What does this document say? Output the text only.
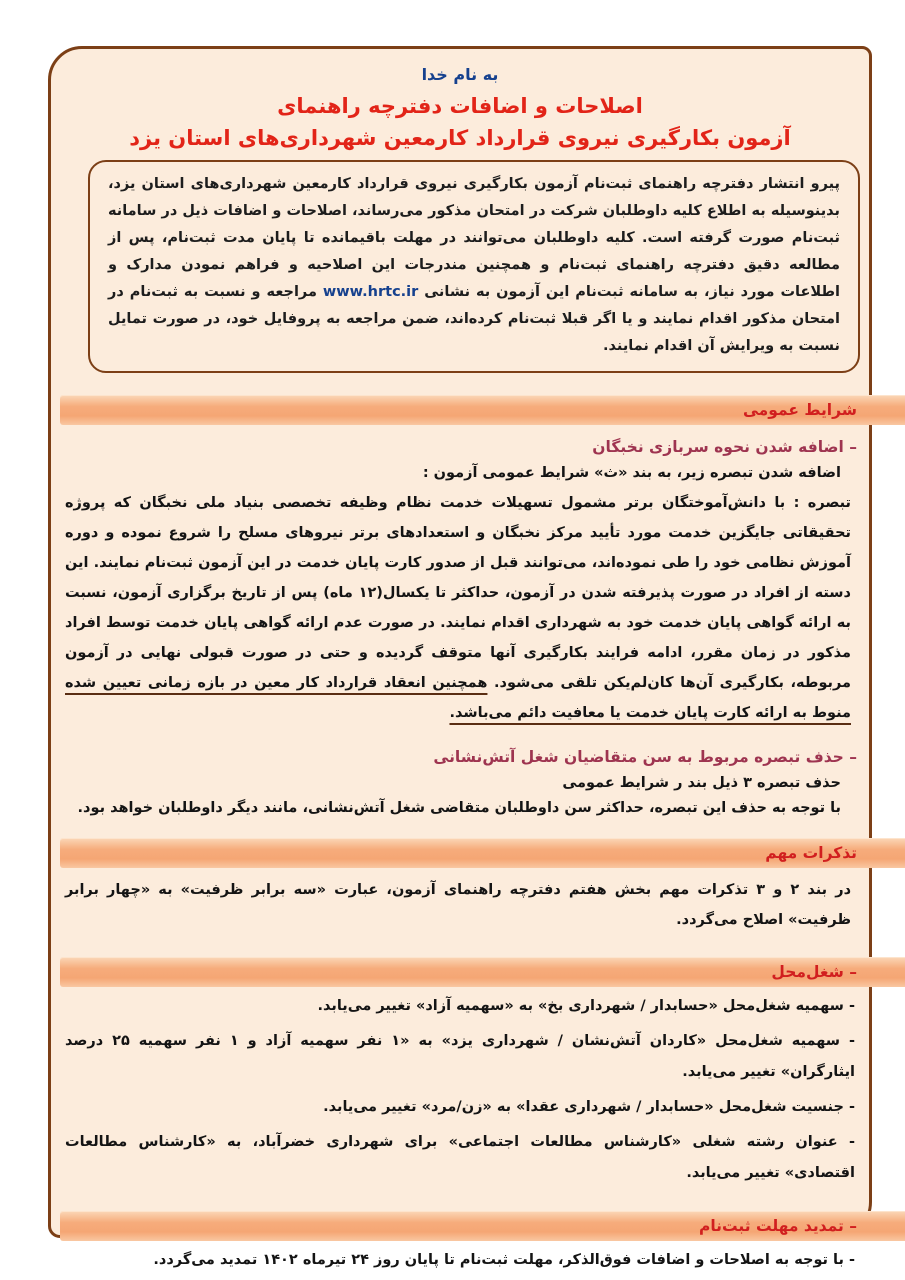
به نام خدا
اصلاحات و اضافات دفترچه راهنمای
آزمون بکارگیری نیروی قرارداد کارمعین شهرداری‌های استان یزد
پیرو انتشار دفترچه راهنمای ثبت‌نام آزمون بکارگیری نیروی قرارداد کارمعین شهرداری‌های استان یزد، بدینوسیله به اطلاع کلیه داوطلبان شرکت در امتحان مذکور می‌رساند، اصلاحات و اضافات ذیل در سامانه ثبت‌نام صورت گرفته است. کلیه داوطلبان می‌توانند در مهلت باقیمانده تا پایان مدت ثبت‌نام، پس از مطالعه دقیق دفترچه راهنمای ثبت‌نام و همچنین مندرجات این اصلاحیه و فراهم نمودن مدارک و اطلاعات مورد نیاز، به سامانه ثبت‌نام این آزمون به نشانی www.hrtc.ir مراجعه و نسبت به ثبت‌نام در امتحان مذکور اقدام نمایند و یا اگر قبلا ثبت‌نام کرده‌اند، ضمن مراجعه به پروفایل خود، در صورت تمایل نسبت به ویرایش آن اقدام نمایند.
شرایط عمومی
– اضافه شدن نحوه سربازی نخبگان
اضافه شدن تبصره زیر، به بند «ث» شرایط عمومی آزمون :
تبصره : با دانش‌آموختگان برتر مشمول تسهیلات خدمت نظام وظیفه تخصصی بنیاد ملی نخبگان که پروژه تحقیقاتی جایگزین خدمت مورد تأیید مرکز نخبگان و استعدادهای برتر نیروهای مسلح را شروع نموده و دوره آموزش نظامی خود را طی نموده‌اند، می‌توانند قبل از صدور کارت پایان خدمت در این آزمون ثبت‌نام نمایند. این دسته از افراد در صورت پذیرفته شدن در آزمون، حداکثر تا یکسال(۱۲ ماه) پس از تاریخ برگزاری آزمون، نسبت به ارائه گواهی پایان خدمت خود به شهرداری اقدام نمایند. در صورت عدم ارائه گواهی پایان خدمت توسط افراد مذکور در زمان مقرر، ادامه فرایند بکارگیری آنها متوقف گردیده و حتی در صورت قبولی نهایی در آزمون مربوطه، بکارگیری آن‌ها کان‌لم‌یکن تلقی می‌شود. همچنین انعقاد قرارداد کار معین در بازه زمانی تعیین شده منوط به ارائه کارت پایان خدمت یا معافیت دائم می‌باشد.
– حذف تبصره مربوط به سن متقاضیان شغل آتش‌نشانی
حذف تبصره ۳ ذیل بند ر شرایط عمومی
با توجه به حذف این تبصره، حداکثر سن داوطلبان متقاضی شغل آتش‌نشانی، مانند دیگر داوطلبان خواهد بود.
تذکرات مهم
در بند ۲ و ۳ تذکرات مهم بخش هفتم دفترچه راهنمای آزمون، عبارت «سه برابر ظرفیت» به «چهار برابر ظرفیت» اصلاح می‌گردد.
– شغل‌محل
- سهمیه شغل‌محل «حسابدار / شهرداری بخ» به «سهمیه آزاد» تغییر می‌یابد.
- سهمیه شغل‌محل «کاردان آتش‌نشان / شهرداری یزد» به «۱ نفر سهمیه آزاد و ۱ نفر سهمیه ۲۵ درصد ایثارگران» تغییر می‌یابد.
- جنسیت شغل‌محل «حسابدار / شهرداری عقدا» به «زن/مرد» تغییر می‌یابد.
- عنوان رشته شغلی «کارشناس مطالعات اجتماعی» برای شهرداری خضرآباد، به «کارشناس مطالعات اقتصادی» تغییر می‌یابد.
– تمدید مهلت ثبت‌نام
- با توجه به اصلاحات و اضافات فوق‌الذکر، مهلت ثبت‌نام تا پایان روز ۲۴ تیرماه ۱۴۰۲ تمدید می‌گردد.
